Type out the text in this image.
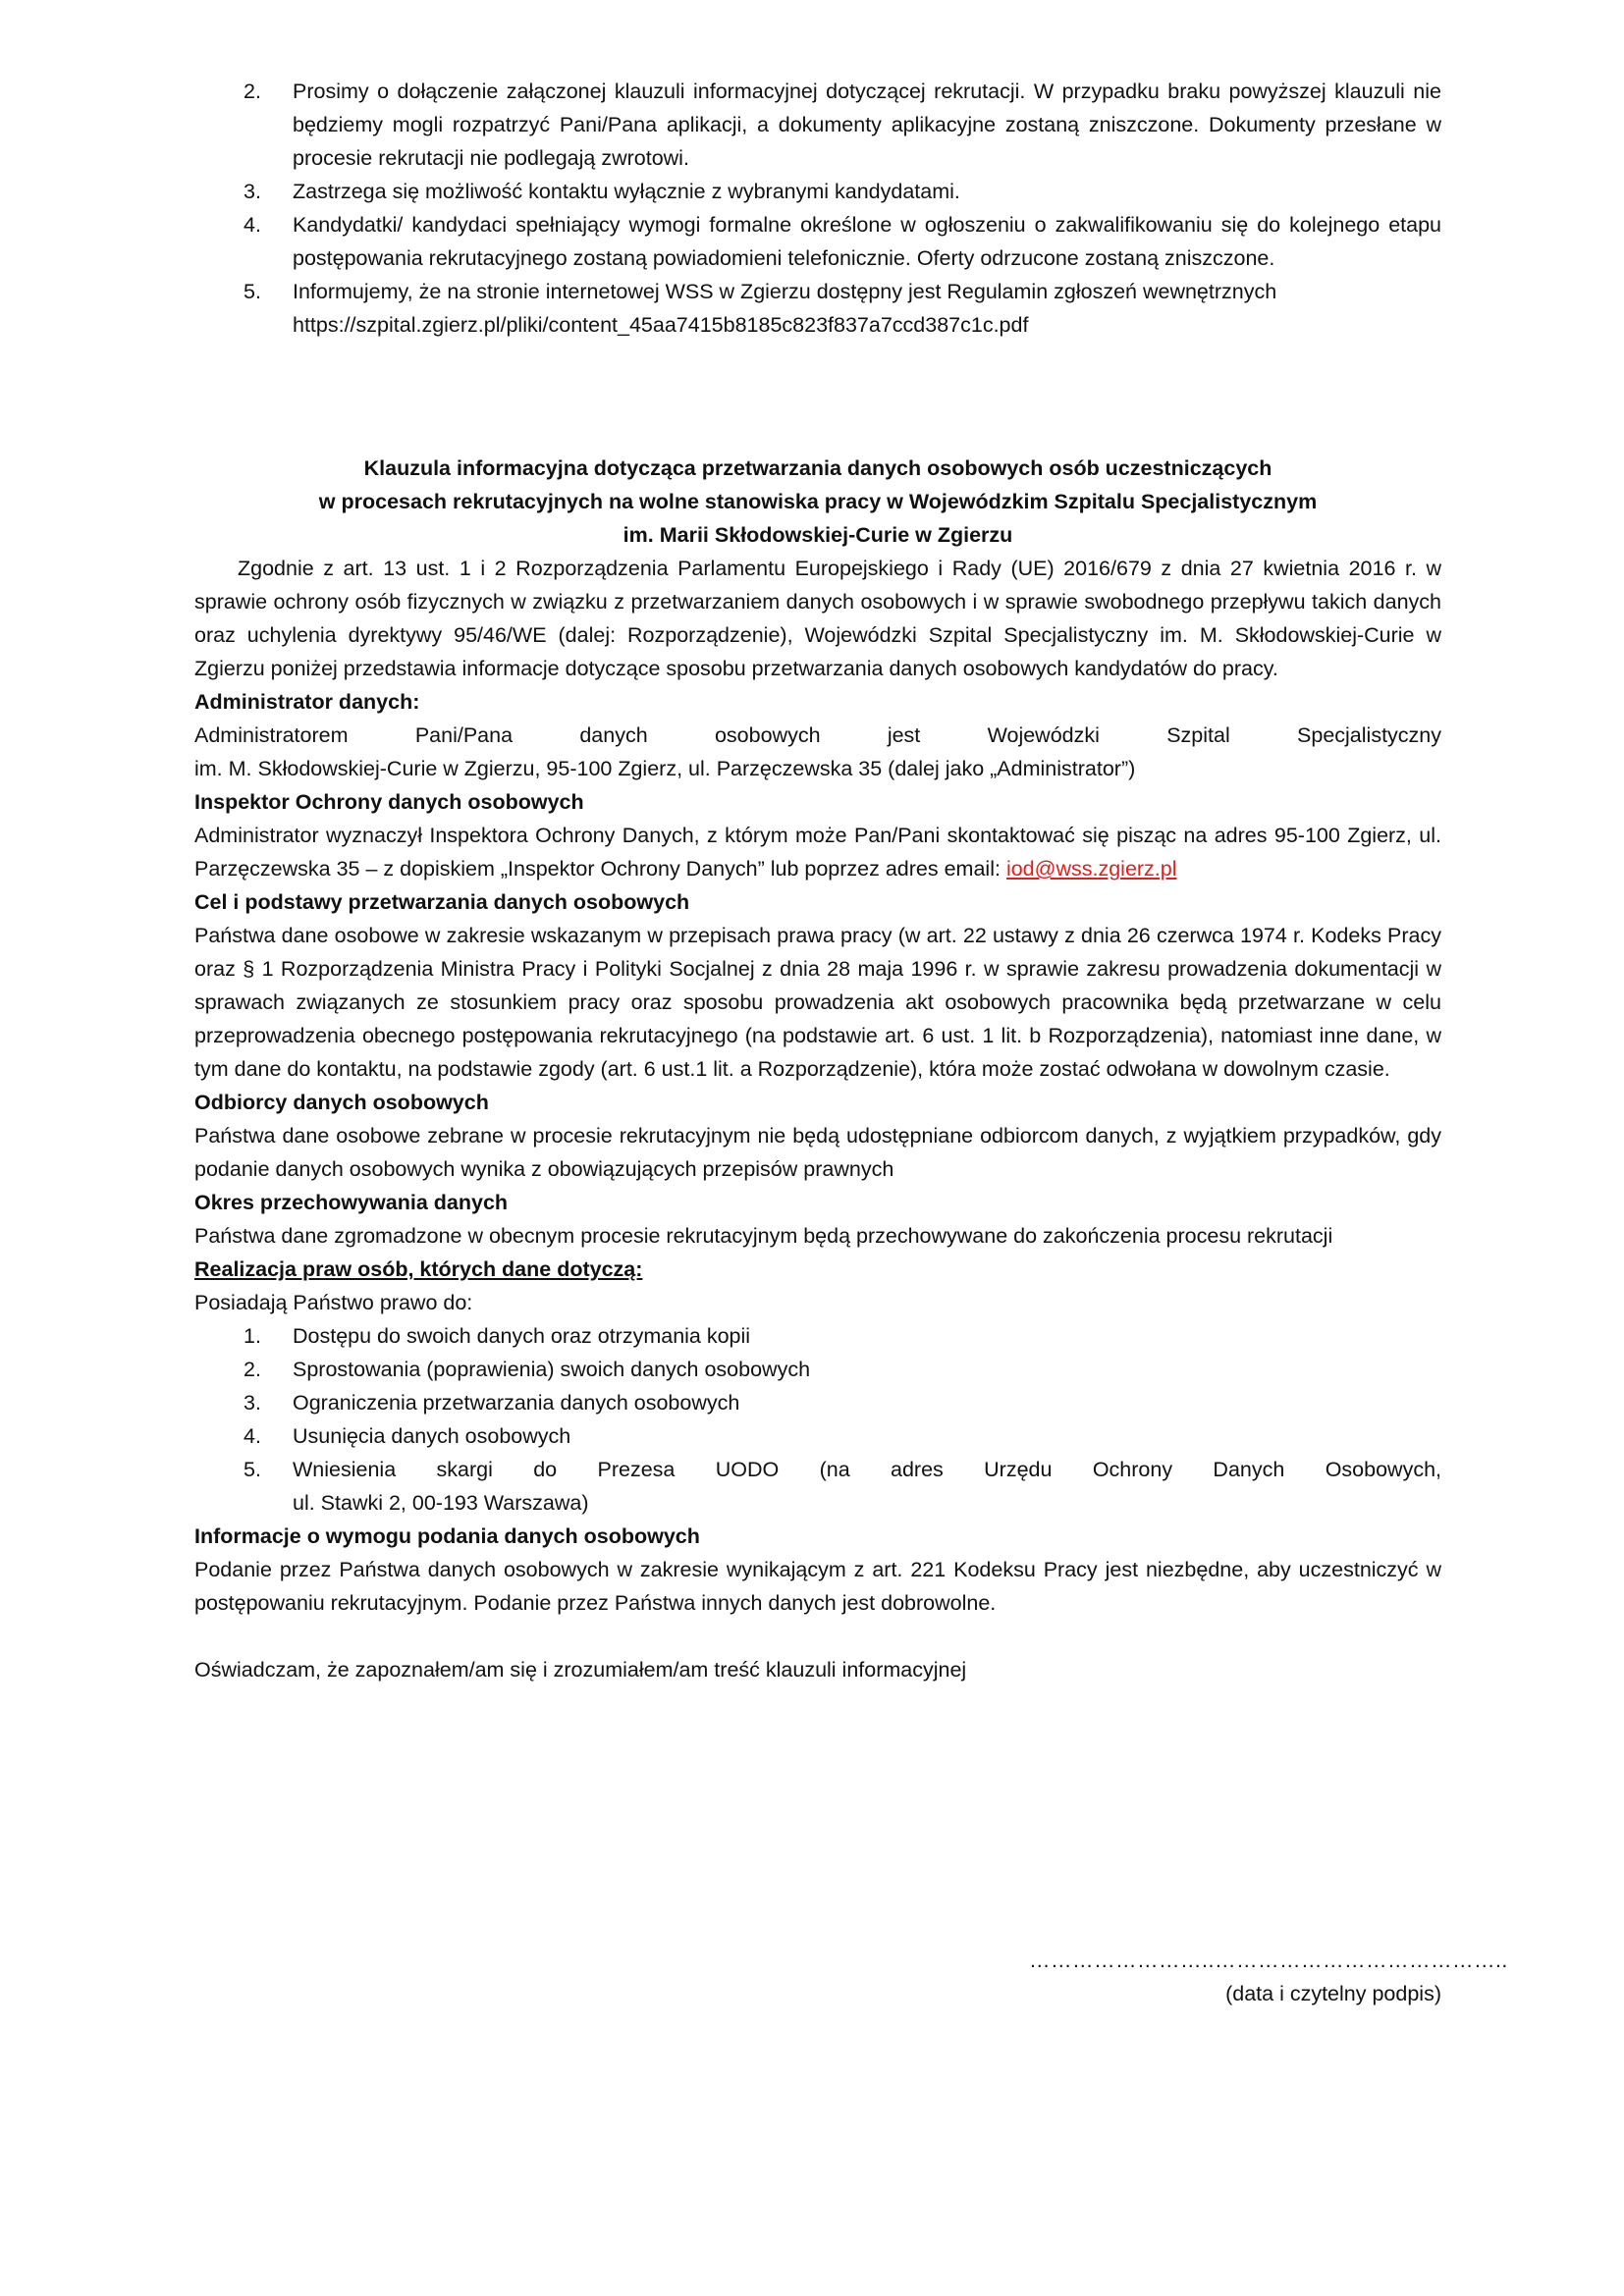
2. Prosimy o dołączenie załączonej klauzuli informacyjnej dotyczącej rekrutacji. W przypadku braku powyższej klauzuli nie będziemy mogli rozpatrzyć Pani/Pana aplikacji, a dokumenty aplikacyjne zostaną zniszczone. Dokumenty przesłane w procesie rekrutacji nie podlegają zwrotowi.
3. Zastrzega się możliwość kontaktu wyłącznie z wybranymi kandydatami.
4. Kandydatki/ kandydaci spełniający wymogi formalne określone w ogłoszeniu o zakwalifikowaniu się do kolejnego etapu postępowania rekrutacyjnego zostaną powiadomieni telefonicznie. Oferty odrzucone zostaną zniszczone.
5. Informujemy, że na stronie internetowej WSS w Zgierzu dostępny jest Regulamin zgłoszeń wewnętrznych
https://szpital.zgierz.pl/pliki/content_45aa7415b8185c823f837a7ccd387c1c.pdf
Klauzula informacyjna dotycząca przetwarzania danych osobowych osób uczestniczących
w procesach rekrutacyjnych na wolne stanowiska pracy w Wojewódzkim Szpitalu Specjalistycznym
im. Marii Skłodowskiej-Curie w Zgierzu

Zgodnie z art. 13 ust. 1 i 2 Rozporządzenia Parlamentu Europejskiego i Rady (UE) 2016/679 z dnia 27 kwietnia 2016 r. w sprawie ochrony osób fizycznych w związku z przetwarzaniem danych osobowych i w sprawie swobodnego przepływu takich danych oraz uchylenia dyrektywy 95/46/WE (dalej: Rozporządzenie), Wojewódzki Szpital Specjalistyczny im. M. Skłodowskiej-Curie w Zgierzu poniżej przedstawia informacje dotyczące sposobu przetwarzania danych osobowych kandydatów do pracy.

Administrator danych:

Administratorem Pani/Pana danych osobowych jest Wojewódzki Szpital Specjalistyczny

im. M. Skłodowskiej-Curie w Zgierzu, 95-100 Zgierz, ul. Parzęczewska 35 (dalej jako „Administrator”)

Inspektor Ochrony danych osobowych

Administrator wyznaczył Inspektora Ochrony Danych, z którym może Pan/Pani skontaktować się pisząc na adres 95-100 Zgierz, ul. Parzęczewska 35 – z dopiskiem „Inspektor Ochrony Danych” lub poprzez adres email: iod@wss.zgierz.pl

Cel i podstawy przetwarzania danych osobowych

Państwa dane osobowe w zakresie wskazanym w przepisach prawa pracy (w art. 22 ustawy z dnia 26 czerwca 1974 r. Kodeks Pracy oraz § 1 Rozporządzenia Ministra Pracy i Polityki Socjalnej z dnia 28 maja 1996 r. w sprawie zakresu prowadzenia dokumentacji w sprawach związanych ze stosunkiem pracy oraz sposobu prowadzenia akt osobowych pracownika będą przetwarzane w celu przeprowadzenia obecnego postępowania rekrutacyjnego (na podstawie art. 6 ust. 1 lit. b Rozporządzenia), natomiast inne dane, w tym dane do kontaktu, na podstawie zgody (art. 6 ust.1 lit. a Rozporządzenie), która może zostać odwołana w dowolnym czasie.

Odbiorcy danych osobowych

Państwa dane osobowe zebrane w procesie rekrutacyjnym nie będą udostępniane odbiorcom danych, z wyjątkiem przypadków, gdy podanie danych osobowych wynika z obowiązujących przepisów prawnych

Okres przechowywania danych

Państwa dane zgromadzone w obecnym procesie rekrutacyjnym będą przechowywane do zakończenia procesu rekrutacji

Realizacja praw osób, których dane dotyczą:

Posiadają Państwo prawo do:

1. Dostępu do swoich danych oraz otrzymania kopii
2. Sprostowania (poprawienia) swoich danych osobowych
3. Ograniczenia przetwarzania danych osobowych
4. Usunięcia danych osobowych
5. Wniesienia skargi do Prezesa UODO (na adres Urzędu Ochrony Danych Osobowych,
ul. Stawki 2, 00-193 Warszawa)

Informacje o wymogu podania danych osobowych

Podanie przez Państwa danych osobowych w zakresie wynikającym z art. 221 Kodeksu Pracy jest niezbędne, aby uczestniczyć w postępowaniu rekrutacyjnym. Podanie przez Państwa innych danych jest dobrowolne.

Oświadczam, że zapoznałem/am się i zrozumiałem/am treść klauzuli informacyjnej

……………………..…………………………………..
(data i czytelny podpis)
